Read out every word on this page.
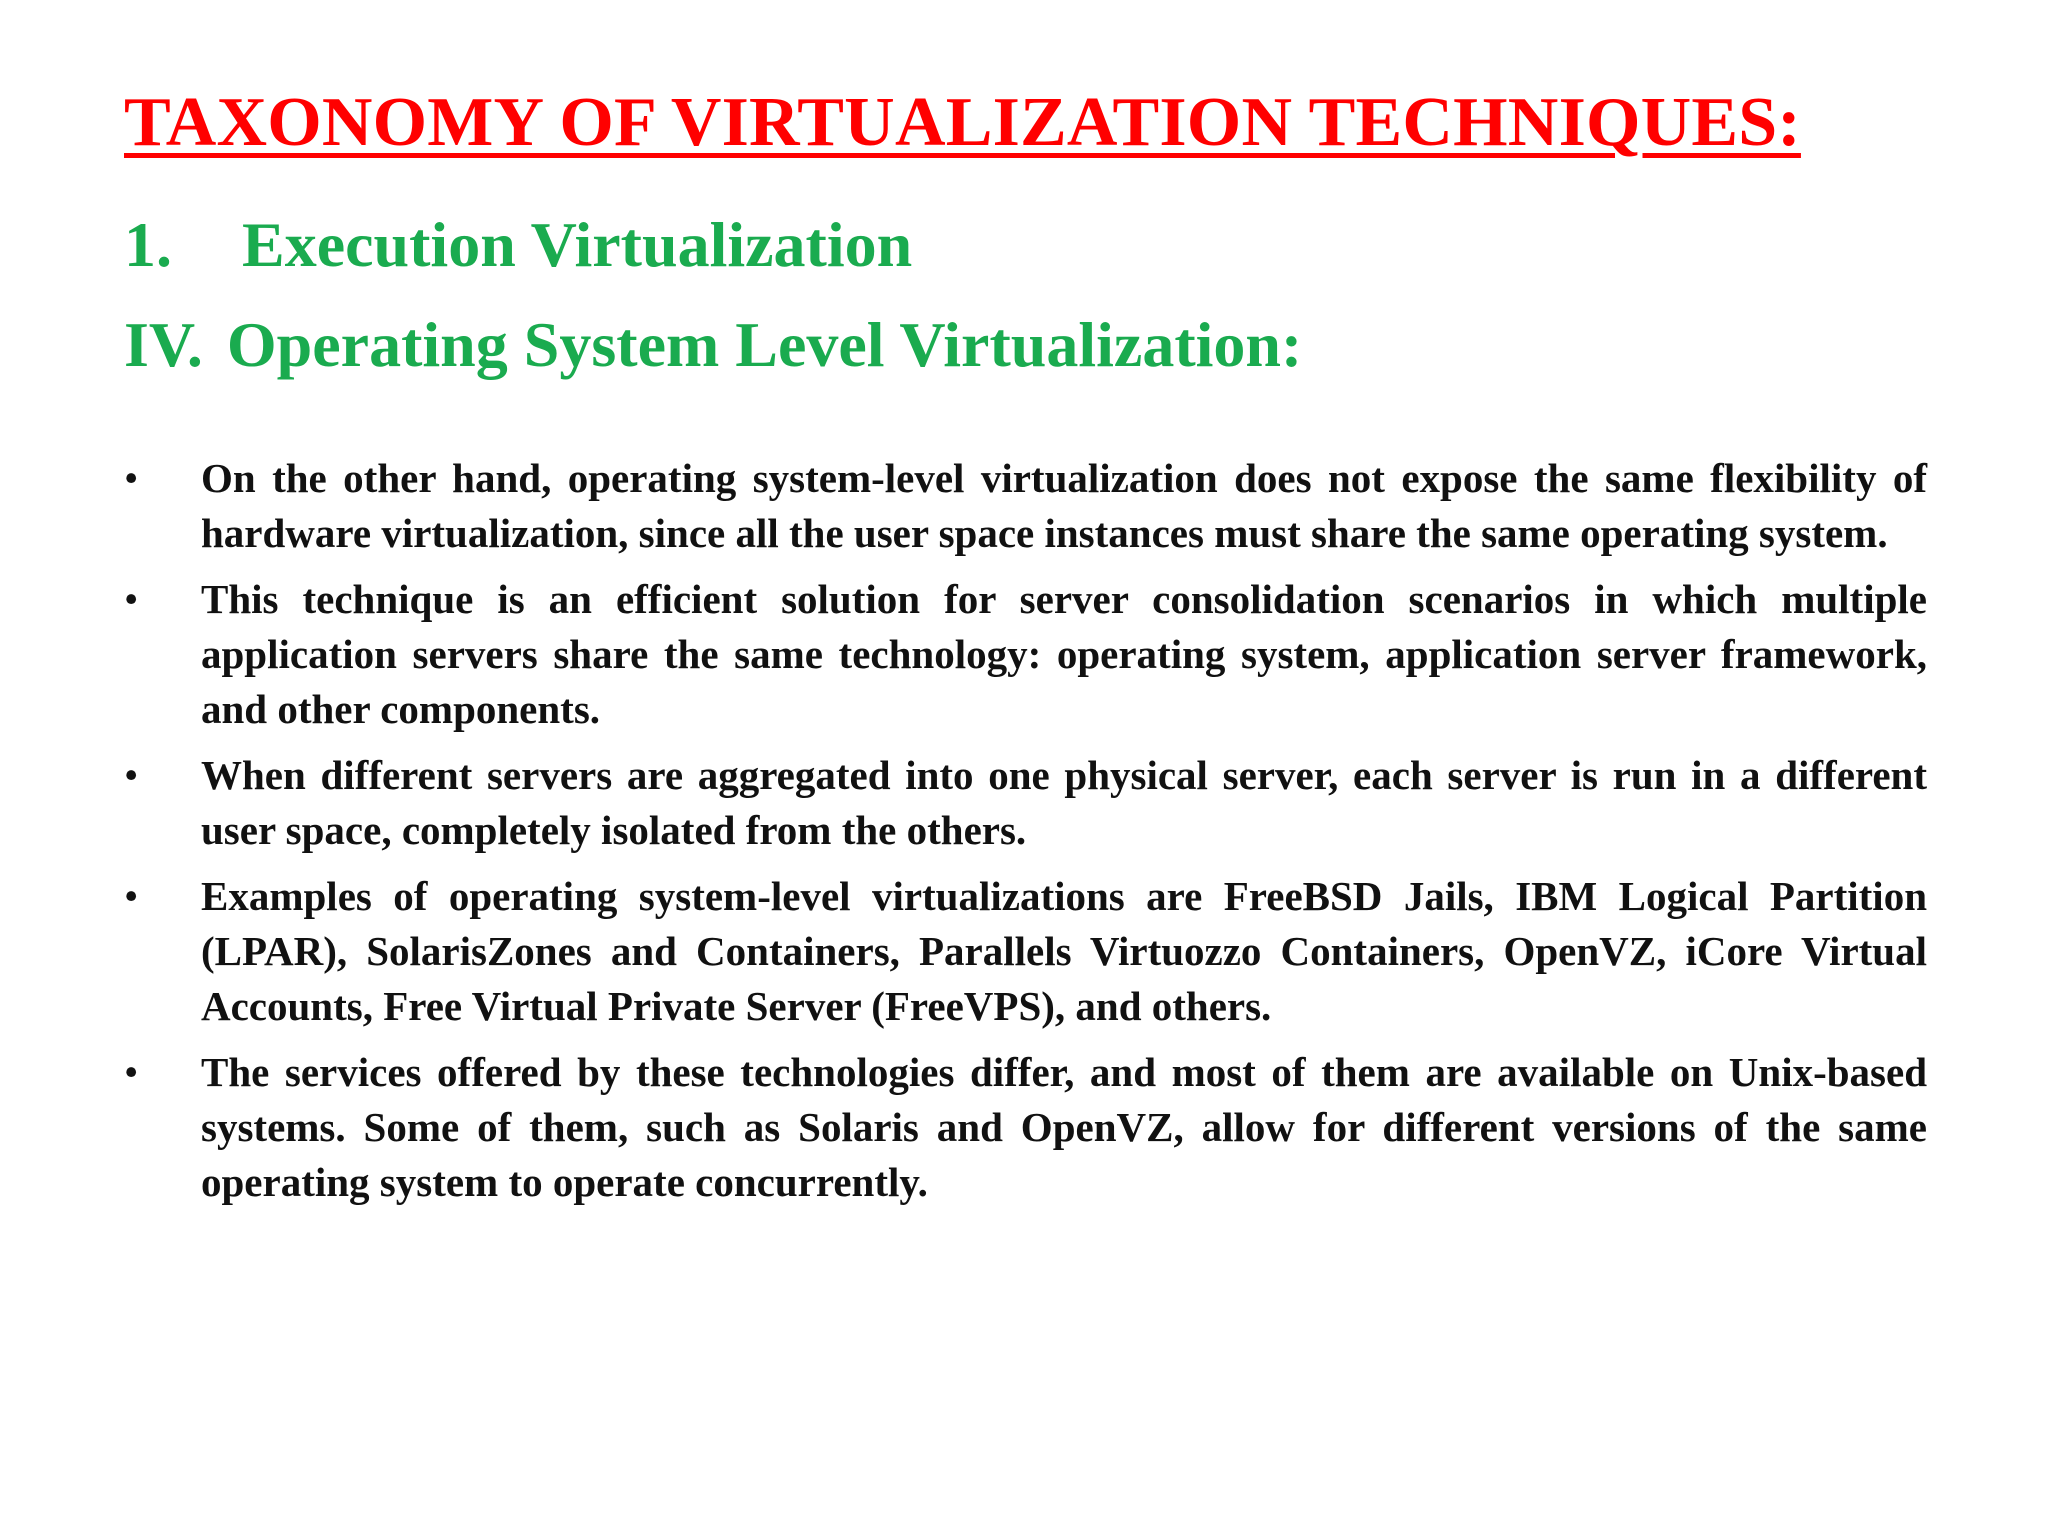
TAXONOMY OF VIRTUALIZATION TECHNIQUES:
1. Execution Virtualization
IV. Operating System Level Virtualization:
•	On the other hand, operating system-level virtualization does not expose the same flexibility of hardware virtualization, since all the user space instances must share the same operating system.
•	This technique is an efficient solution for server consolidation scenarios in which multiple application servers share the same technology: operating system, application server framework, and other components.
•	When different servers are aggregated into one physical server, each server is run in a different user space, completely isolated from the others.
•	Examples of operating system-level virtualizations are FreeBSD Jails, IBM Logical Partition (LPAR), SolarisZones and Containers, Parallels Virtuozzo Containers, OpenVZ, iCore Virtual Accounts, Free Virtual Private Server (FreeVPS), and others.
•	The services offered by these technologies differ, and most of them are available on Unix-based systems. Some of them, such as Solaris and OpenVZ, allow for different versions of the same operating system to operate concurrently.
